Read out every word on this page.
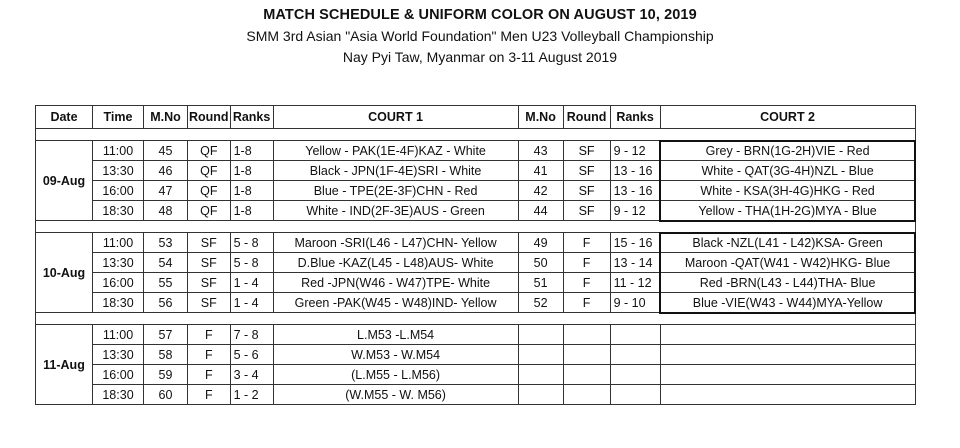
MATCH SCHEDULE & UNIFORM COLOR ON AUGUST 10, 2019
SMM 3rd Asian "Asia World Foundation" Men U23 Volleyball Championship
Nay Pyi Taw, Myanmar on 3-11 August 2019
Date	Time	M.No	Round	Ranks	COURT 1	M.No	Round	Ranks	COURT 2

09-Aug	11:00	45	QF	1-8	Yellow - PAK(1E-4F)KAZ - White	43	SF	9 - 12	Grey - BRN(1G-2H)VIE - Red
	13:30	46	QF	1-8	Black - JPN(1F-4E)SRI - White	41	SF	13 - 16	White - QAT(3G-4H)NZL - Blue
	16:00	47	QF	1-8	Blue - TPE(2E-3F)CHN - Red	42	SF	13 - 16	White - KSA(3H-4G)HKG - Red
	18:30	48	QF	1-8	White - IND(2F-3E)AUS - Green	44	SF	9 - 12	Yellow - THA(1H-2G)MYA - Blue

10-Aug	11:00	53	SF	5 - 8	Maroon -SRI(L46 - L47)CHN- Yellow	49	F	15 - 16	Black -NZL(L41 - L42)KSA- Green
	13:30	54	SF	5 - 8	D.Blue -KAZ(L45 - L48)AUS- White	50	F	13 - 14	Maroon -QAT(W41 - W42)HKG- Blue
	16:00	55	SF	1 - 4	Red -JPN(W46 - W47)TPE- White	51	F	11 - 12	Red -BRN(L43 - L44)THA- Blue
	18:30	56	SF	1 - 4	Green -PAK(W45 - W48)IND- Yellow	52	F	9 - 10	Blue -VIE(W43 - W44)MYA-Yellow

11-Aug	11:00	57	F	7 - 8	L.M53 -L.M54				
	13:30	58	F	5 - 6	W.M53 - W.M54				
	16:00	59	F	3 - 4	(L.M55 - L.M56)				
	18:30	60	F	1 - 2	(W.M55 - W. M56)				
